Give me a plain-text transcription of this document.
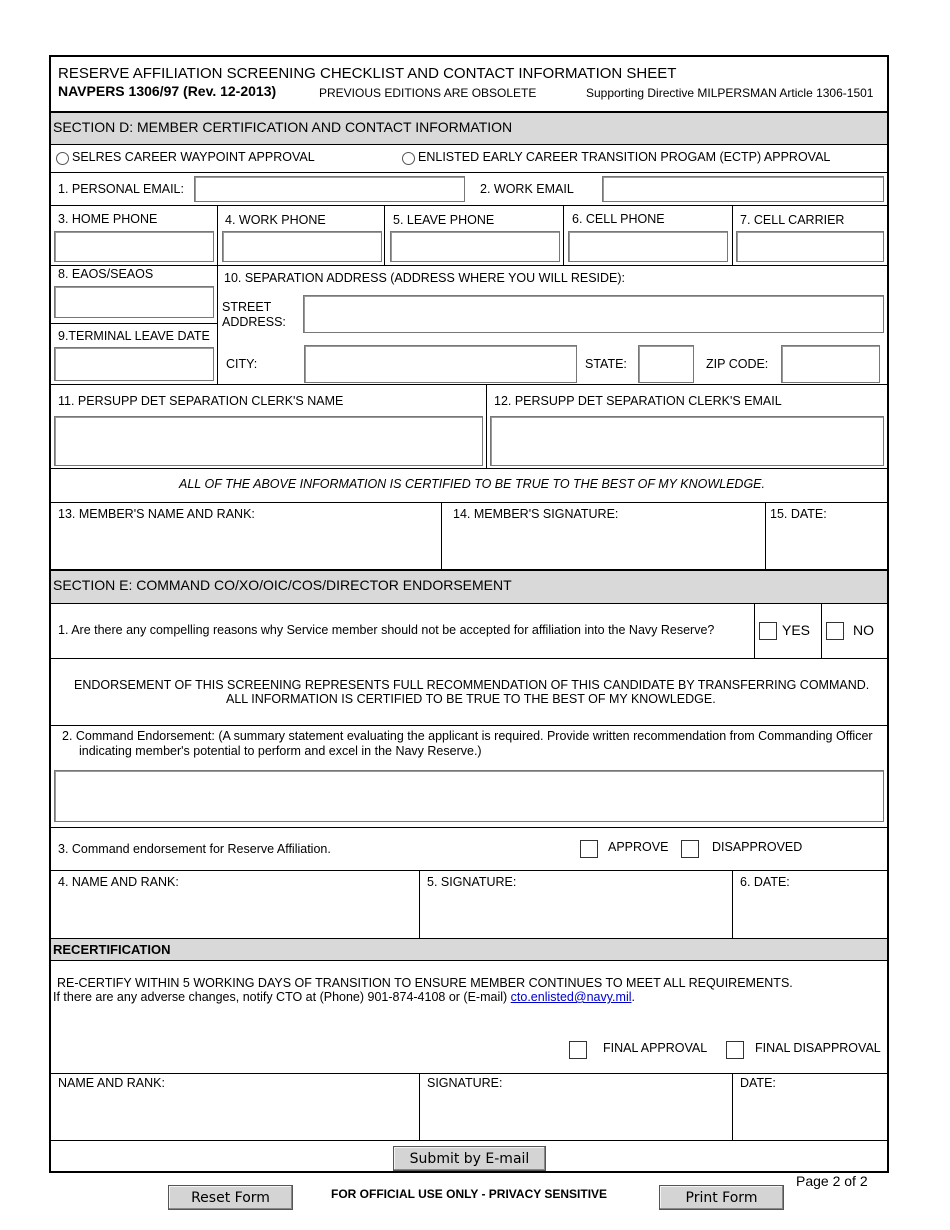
RESERVE AFFILIATION SCREENING CHECKLIST AND CONTACT INFORMATION SHEET
NAVPERS 1306/97 (Rev. 12-2013)	PREVIOUS EDITIONS ARE OBSOLETE	Supporting Directive MILPERSMAN Article 1306-1501
SECTION D: MEMBER CERTIFICATION AND CONTACT INFORMATION
SELRES CAREER WAYPOINT APPROVAL	ENLISTED EARLY CAREER TRANSITION PROGAM (ECTP) APPROVAL
1. PERSONAL EMAIL:	2. WORK EMAIL
3. HOME PHONE	4. WORK PHONE	5. LEAVE PHONE	6. CELL PHONE	7. CELL CARRIER
8. EAOS/SEAOS	10. SEPARATION ADDRESS (ADDRESS WHERE YOU WILL RESIDE):
STREET
ADDRESS:
9.TERMINAL LEAVE DATE
CITY:	STATE:	ZIP CODE:
11. PERSUPP DET SEPARATION CLERK'S NAME	12. PERSUPP DET SEPARATION CLERK'S EMAIL
ALL OF THE ABOVE INFORMATION IS CERTIFIED TO BE TRUE TO THE BEST OF MY KNOWLEDGE.
13. MEMBER'S NAME AND RANK:	14. MEMBER'S SIGNATURE:	15. DATE:
SECTION E: COMMAND CO/XO/OIC/COS/DIRECTOR ENDORSEMENT
1. Are there any compelling reasons why Service member should not be accepted for affiliation into the Navy Reserve?	YES	NO
ENDORSEMENT OF THIS SCREENING REPRESENTS FULL RECOMMENDATION OF THIS CANDIDATE BY TRANSFERRING COMMAND.
ALL INFORMATION IS CERTIFIED TO BE TRUE TO THE BEST OF MY KNOWLEDGE.
2. Command Endorsement: (A summary statement evaluating the applicant is required. Provide written recommendation from Commanding Officer
indicating member's potential to perform and excel in the Navy Reserve.)
3. Command endorsement for Reserve Affiliation.	APPROVE	DISAPPROVED
4. NAME AND RANK:	5. SIGNATURE:	6. DATE:
RECERTIFICATION
RE-CERTIFY WITHIN 5 WORKING DAYS OF TRANSITION TO ENSURE MEMBER CONTINUES TO MEET ALL REQUIREMENTS.
If there are any adverse changes, notify CTO at (Phone) 901-874-4108 or (E-mail) cto.enlisted@navy.mil.
FINAL APPROVAL	FINAL DISAPPROVAL
NAME AND RANK:	SIGNATURE:	DATE:
Submit by E-mail
Reset Form	FOR OFFICIAL USE ONLY - PRIVACY SENSITIVE	Print Form
Page 2 of 2
